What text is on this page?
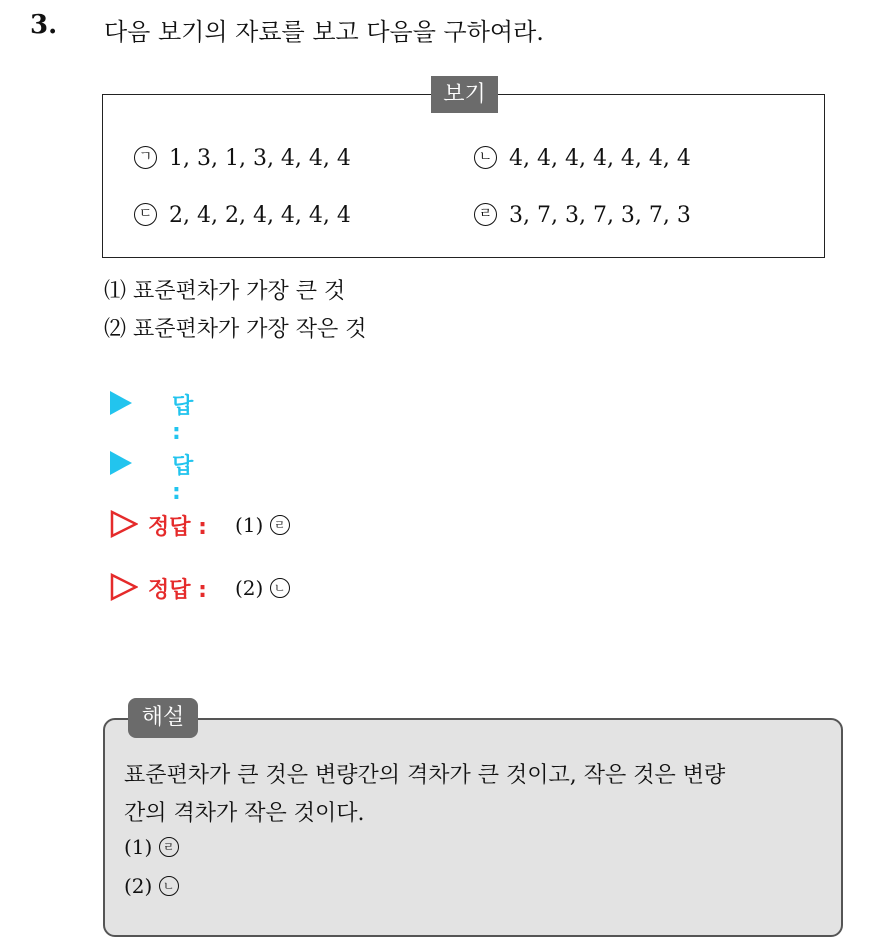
3. 다음 보기의 자료를 보고 다음을 구하여라.
보기
ㄱ 1, 3, 1, 3, 4, 4, 4	ㄴ 4, 4, 4, 4, 4, 4, 4
ㄷ 2, 4, 2, 4, 4, 4, 4	ㄹ 3, 7, 3, 7, 3, 7, 3
⑴ 표준편차가 가장 큰 것
⑵ 표준편차가 가장 작은 것
답 :
답 :
정답 : (1) ㄹ
정답 : (2) ㄴ
해설
표준편차가 큰 것은 변량간의 격차가 큰 것이고, 작은 것은 변량
간의 격차가 작은 것이다.
(1) ㄹ
(2) ㄴ
